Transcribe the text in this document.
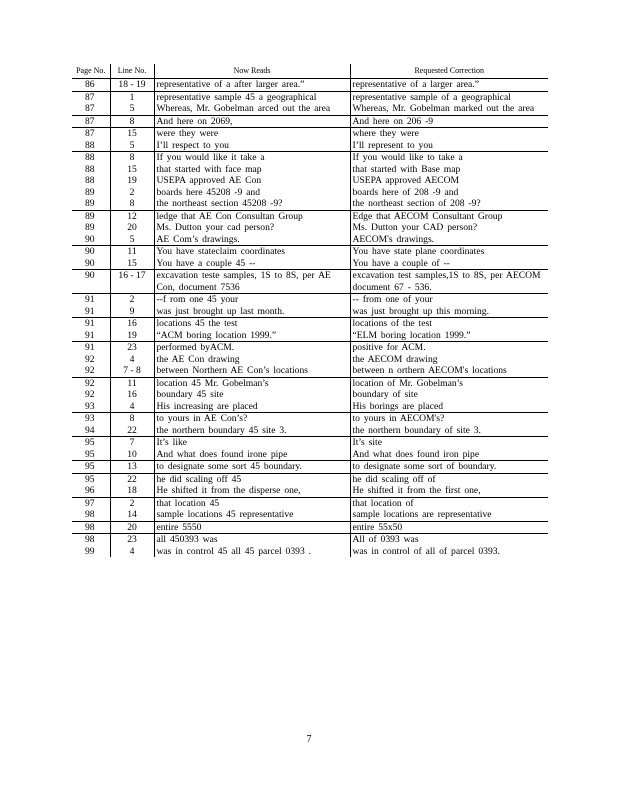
Page No.	Line No.	Now Reads	Requested Correction
86	18 - 19	representative of a after larger area.”	representative of a larger area.”
87	1	representative sample 45 a geographical	representative sample of a geographical
87	5	Whereas, Mr. Gobelman arced out the area	Whereas, Mr. Gobelman marked out the area
87	8	And here on 2069,	And here on 206 -9
87	15	were they were	where they were
88	5	I’ll respect to you	I’ll represent to you
88	8	If you would like it take a	If you would like to take a
88	15	that started with face map	that started with Base map
88	19	USEPA approved AE Con	USEPA approved AECOM
89	2	boards here 45208 -9 and	boards here of 208 -9 and
89	8	the northeast section 45208 -9?	the northeast section of 208 -9?
89	12	ledge that AE Con Consultan Group	Edge that AECOM Consultant Group
89	20	Ms. Dutton your cad person?	Ms. Dutton your CAD person?
90	5	AE Com’s drawings.	AECOM's drawings.
90	11	You have stateclaim coordinates	You have state plane coordinates
90	15	You have a couple 45 --	You have a couple of --
90	16 - 17	excavation teste samples, 1S to 8S, per AE Con, document 7536	excavation test samples,1S to 8S, per AECOM document 67 - 536.
91	2	--f rom one 45 your	-- from one of your
91	9	was just brought up last month.	was just brought up this morning.
91	16	locations 45 the test	locations of the test
91	19	“ACM boring location 1999.”	“ELM boring location 1999.”
91	23	performed byACM.	positive for ACM.
92	4	the AE Con drawing	the AECOM drawing
92	7 - 8	between Northern AE Con’s locations	between n orthern AECOM's locations
92	11	location 45 Mr. Gobelman’s	location of Mr. Gobelman’s
92	16	boundary 45 site	boundary of site
93	4	His increasing are placed	His borings are placed
93	8	to yours in AE Con’s?	to yours in AECOM's?
94	22	the northern boundary 45 site 3.	the northern boundary of site 3.
95	7	It’s like	It’s site
95	10	And what does found irone pipe	And what does found iron pipe
95	13	to designate some sort 45 boundary.	to designate some sort of boundary.
95	22	he did scaling off 45	he did scaling off of
96	18	He shifted it from the disperse one,	He shifted it from the first one,
97	2	that location 45	that location of
98	14	sample locations 45 representative	sample locations are representative
98	20	entire 5550	entire 55x50
98	23	all 450393 was	All of 0393 was
99	4	was in control 45 all 45 parcel 0393 .	was in control of all of parcel 0393.
7
